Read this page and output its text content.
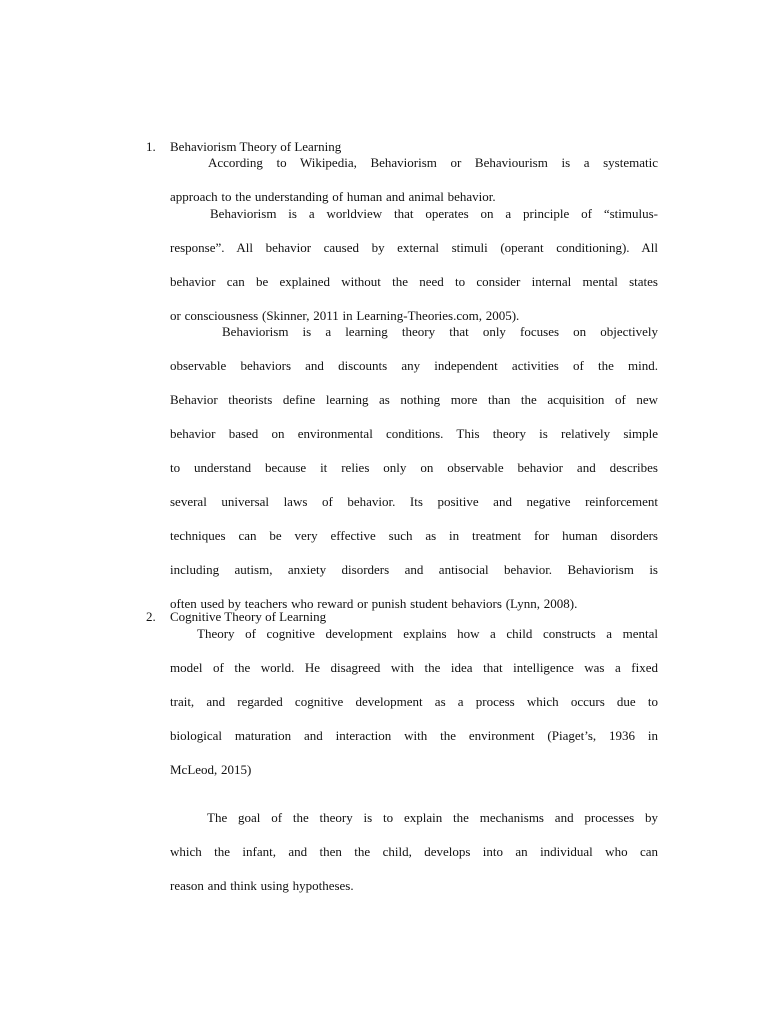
1. Behaviorism Theory of Learning
According to Wikipedia, Behaviorism or Behaviourism is a systematic
approach to the understanding of human and animal behavior.
Behaviorism is a worldview that operates on a principle of “stimulus-
response”. All behavior caused by external stimuli (operant conditioning). All
behavior can be explained without the need to consider internal mental states
or consciousness (Skinner, 2011 in Learning-Theories.com, 2005).
Behaviorism is a learning theory that only focuses on objectively
observable behaviors and discounts any independent activities of the mind.
Behavior theorists define learning as nothing more than the acquisition of new
behavior based on environmental conditions. This theory is relatively simple
to understand because it relies only on observable behavior and describes
several universal laws of behavior. Its positive and negative reinforcement
techniques can be very effective such as in treatment for human disorders
including autism, anxiety disorders and antisocial behavior. Behaviorism is
often used by teachers who reward or punish student behaviors (Lynn, 2008).
2. Cognitive Theory of Learning
Theory of cognitive development explains how a child constructs a mental
model of the world. He disagreed with the idea that intelligence was a fixed
trait, and regarded cognitive development as a process which occurs due to
biological maturation and interaction with the environment (Piaget’s, 1936 in
McLeod, 2015)
The goal of the theory is to explain the mechanisms and processes by
which the infant, and then the child, develops into an individual who can
reason and think using hypotheses.
